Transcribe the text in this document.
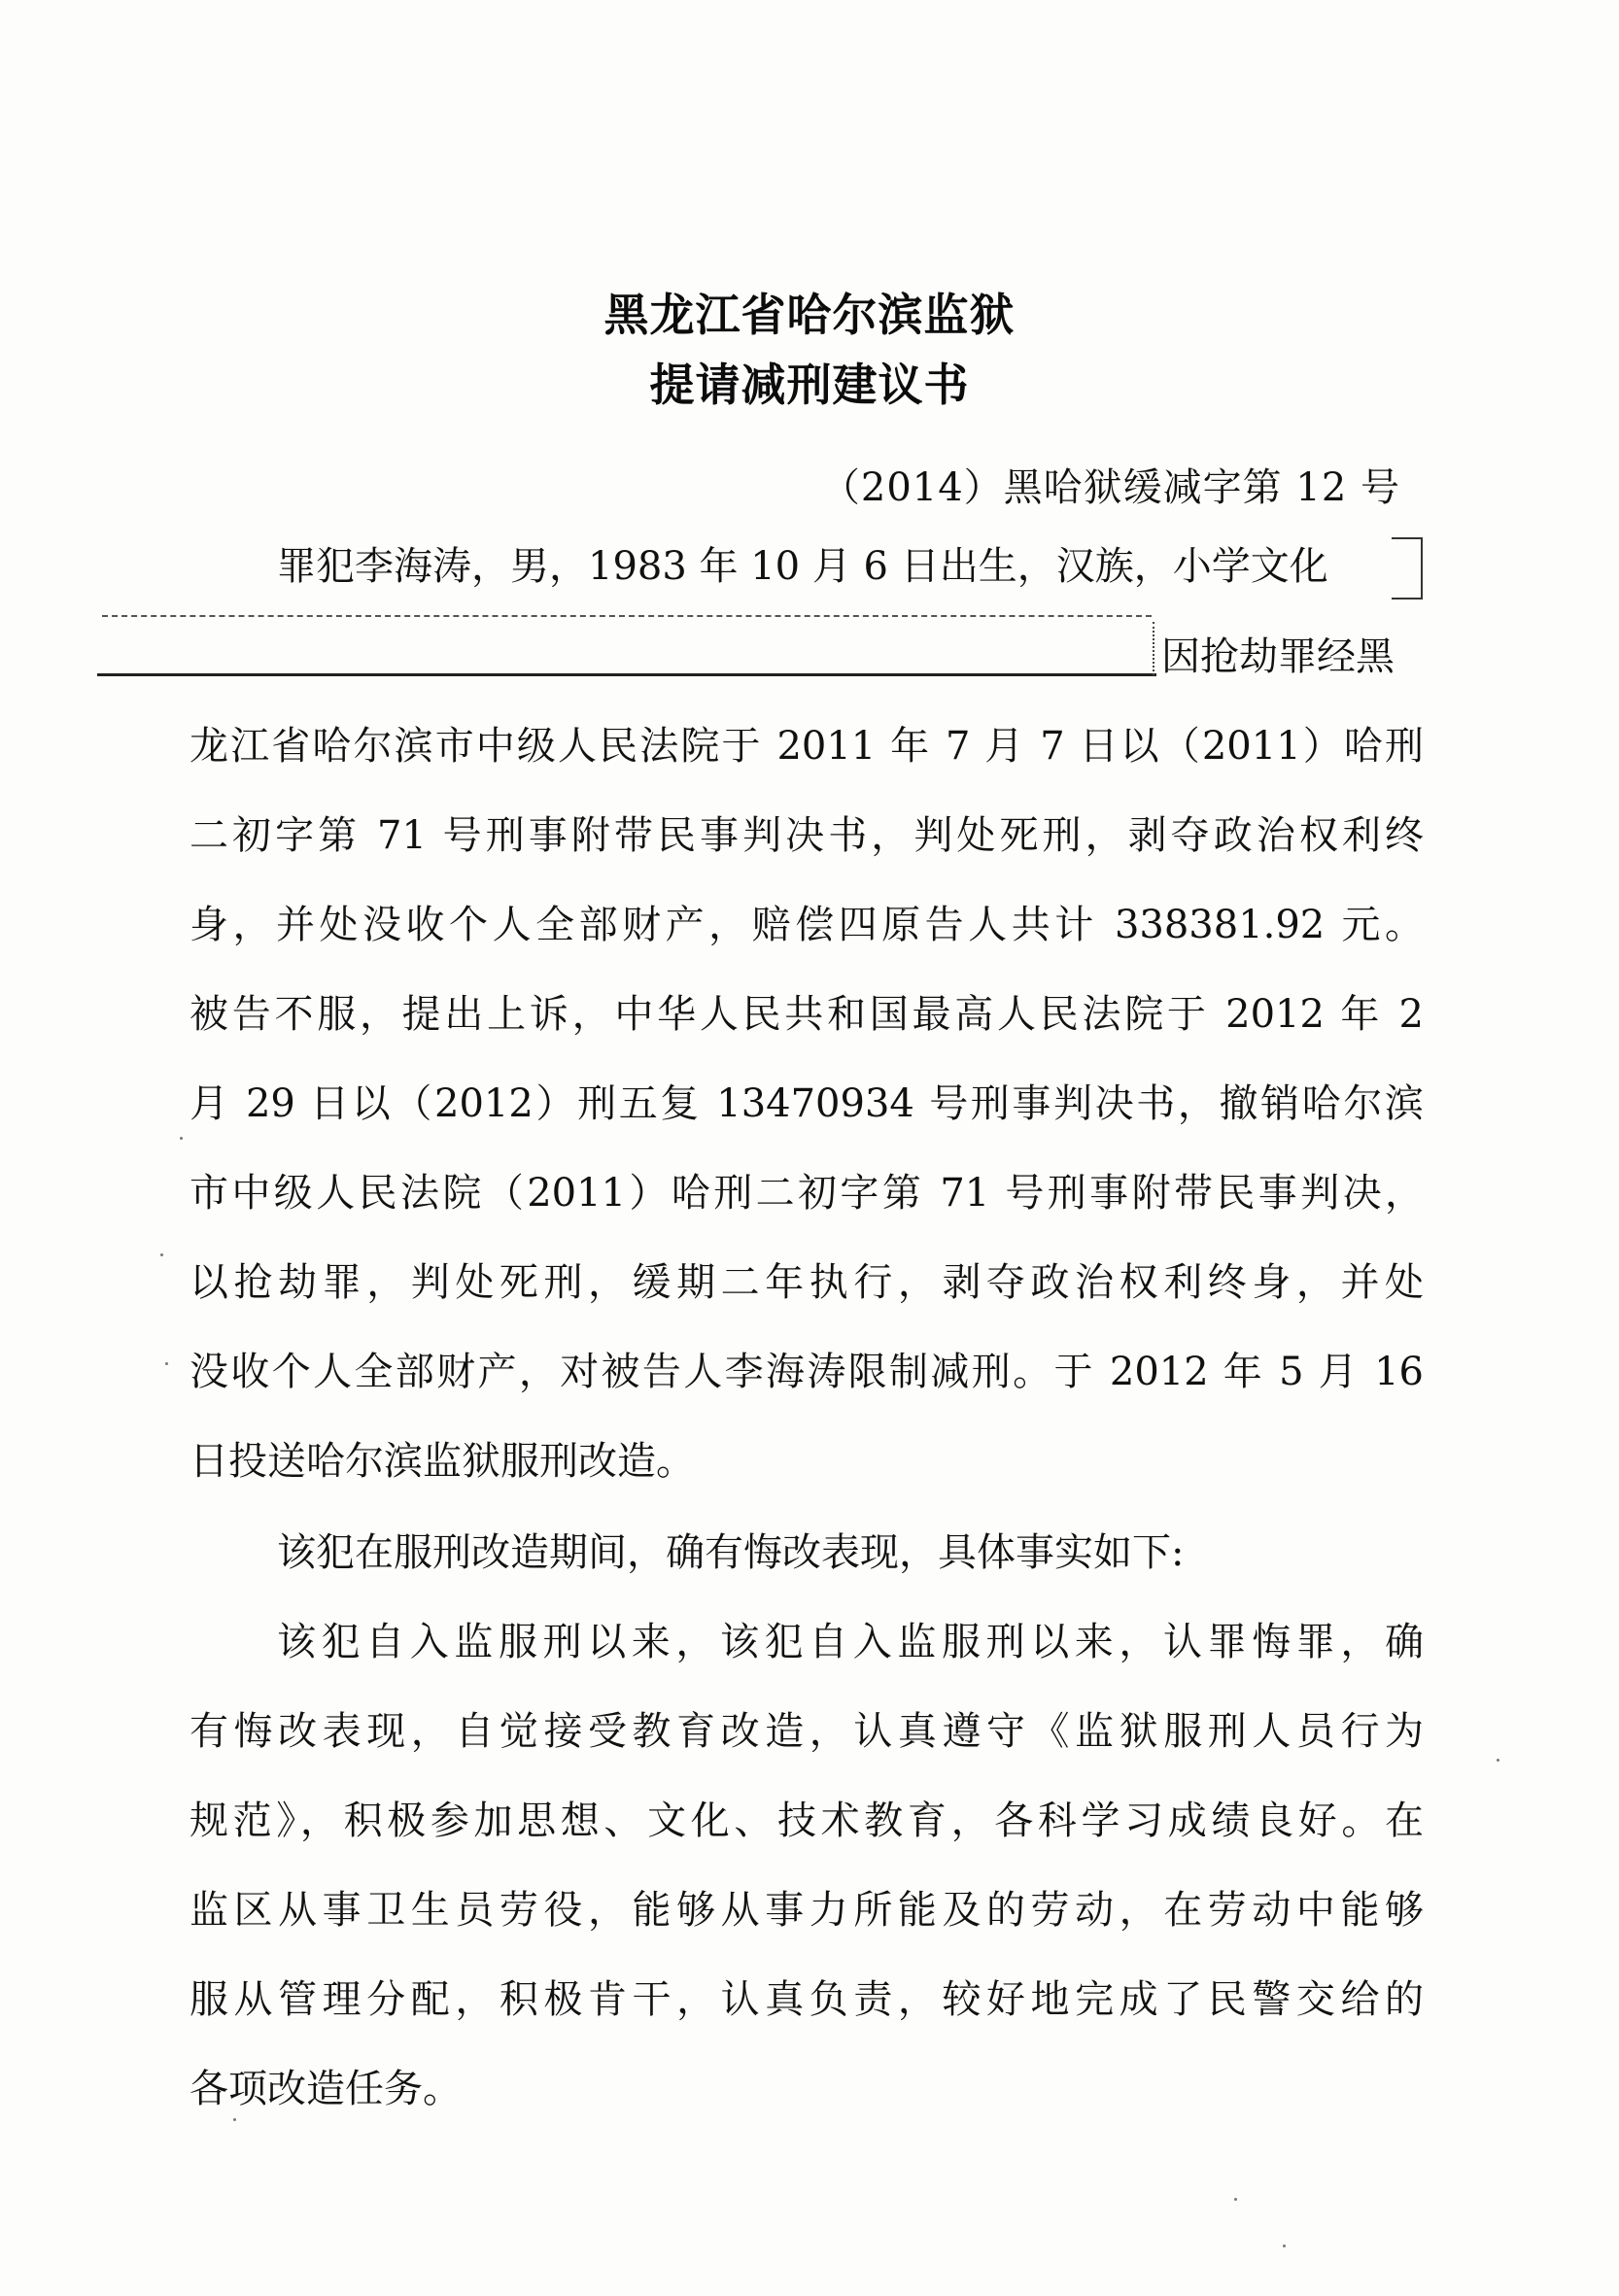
黑龙江省哈尔滨监狱
提请减刑建议书
（2014）黑哈狱缓减字第 12 号
罪犯李海涛，男，1983 年 10 月 6 日出生，汉族，小学文化
因抢劫罪经黑
龙江省哈尔滨市中级人民法院于 2011 年 7 月 7 日以（2011）哈刑
二初字第 71 号刑事附带民事判决书，判处死刑，剥夺政治权利终
身，并处没收个人全部财产，赔偿四原告人共计 338381.92 元。
被告不服，提出上诉，中华人民共和国最高人民法院于 2012 年 2
月 29 日以（2012）刑五复 13470934 号刑事判决书，撤销哈尔滨
市中级人民法院（2011）哈刑二初字第 71 号刑事附带民事判决，
以抢劫罪，判处死刑，缓期二年执行，剥夺政治权利终身，并处
没收个人全部财产，对被告人李海涛限制减刑。于 2012 年 5 月 16
日投送哈尔滨监狱服刑改造。
该犯在服刑改造期间，确有悔改表现，具体事实如下:
该犯自入监服刑以来，该犯自入监服刑以来，认罪悔罪，确
有悔改表现，自觉接受教育改造，认真遵守《监狱服刑人员行为
规范》，积极参加思想、文化、技术教育，各科学习成绩良好。在
监区从事卫生员劳役，能够从事力所能及的劳动，在劳动中能够
服从管理分配，积极肯干，认真负责，较好地完成了民警交给的
各项改造任务。
